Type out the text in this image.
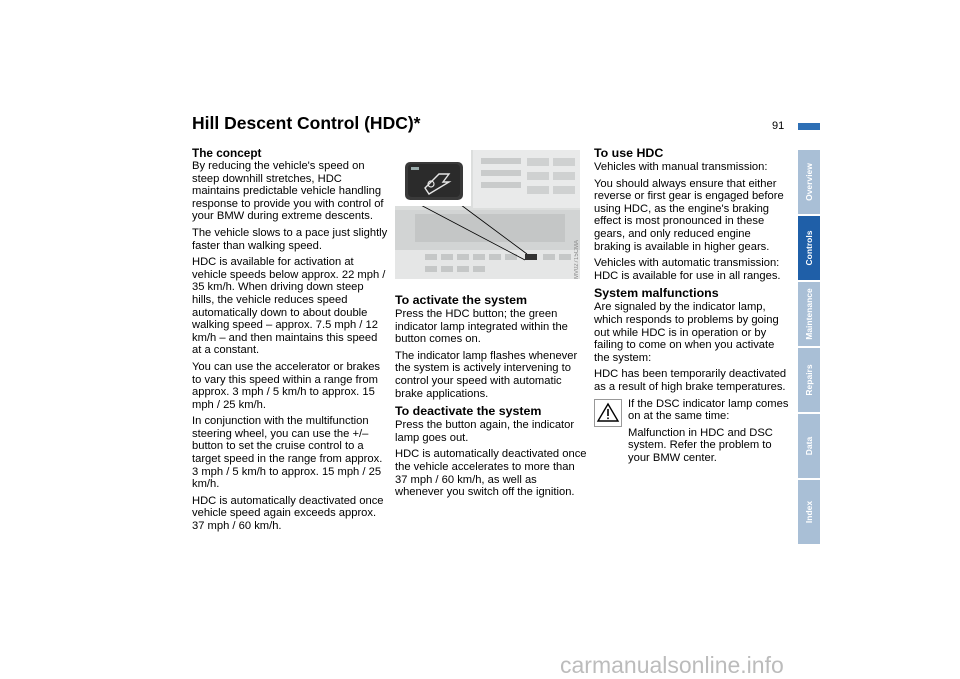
Hill Descent Control (HDC)*	91
The concept

By reducing the vehicle's speed on steep downhill stretches, HDC maintains predictable vehicle handling response to provide you with control of your BMW during extreme descents.

The vehicle slows to a pace just slightly faster than walking speed.

HDC is available for activation at vehicle speeds below approx. 22 mph / 35 km/h. When driving down steep hills, the vehicle reduces speed automatically down to about double walking speed – approx. 7.5 mph / 12 km/h – and then maintains this speed at a constant.

You can use the accelerator or brakes to vary this speed within a range from approx. 3 mph / 5 km/h to approx. 15 mph / 25 km/h.

In conjunction with the multifunction steering wheel, you can use the +/– button to set the cruise control to a target speed in the range from approx. 3 mph / 5 km/h to approx. 15 mph / 25 km/h.

HDC is automatically deactivated once vehicle speed again exceeds approx. 37 mph / 60 km/h.

MV02715CMA
To activate the system

Press the HDC button; the green indicator lamp integrated within the button comes on.

The indicator lamp flashes whenever the system is actively intervening to control your speed with automatic brake applications.

To deactivate the system

Press the button again, the indicator lamp goes out.

HDC is automatically deactivated once the vehicle accelerates to more than 37 mph / 60 km/h, as well as whenever you switch off the ignition.

To use HDC

Vehicles with manual transmission:

You should always ensure that either reverse or first gear is engaged before using HDC, as the engine's braking effect is most pronounced in these gears, and only reduced engine braking is available in higher gears.

Vehicles with automatic transmission: HDC is available for use in all ranges.

System malfunctions

Are signaled by the indicator lamp, which responds to problems by going out while HDC is in operation or by failing to come on when you activate the system:

HDC has been temporarily deactivated as a result of high brake temperatures.

If the DSC indicator lamp comes on at the same time:

Malfunction in HDC and DSC system. Refer the problem to your BMW center.

Overview
Controls
Maintenance
Repairs
Data
Index
carmanualsonline.info
